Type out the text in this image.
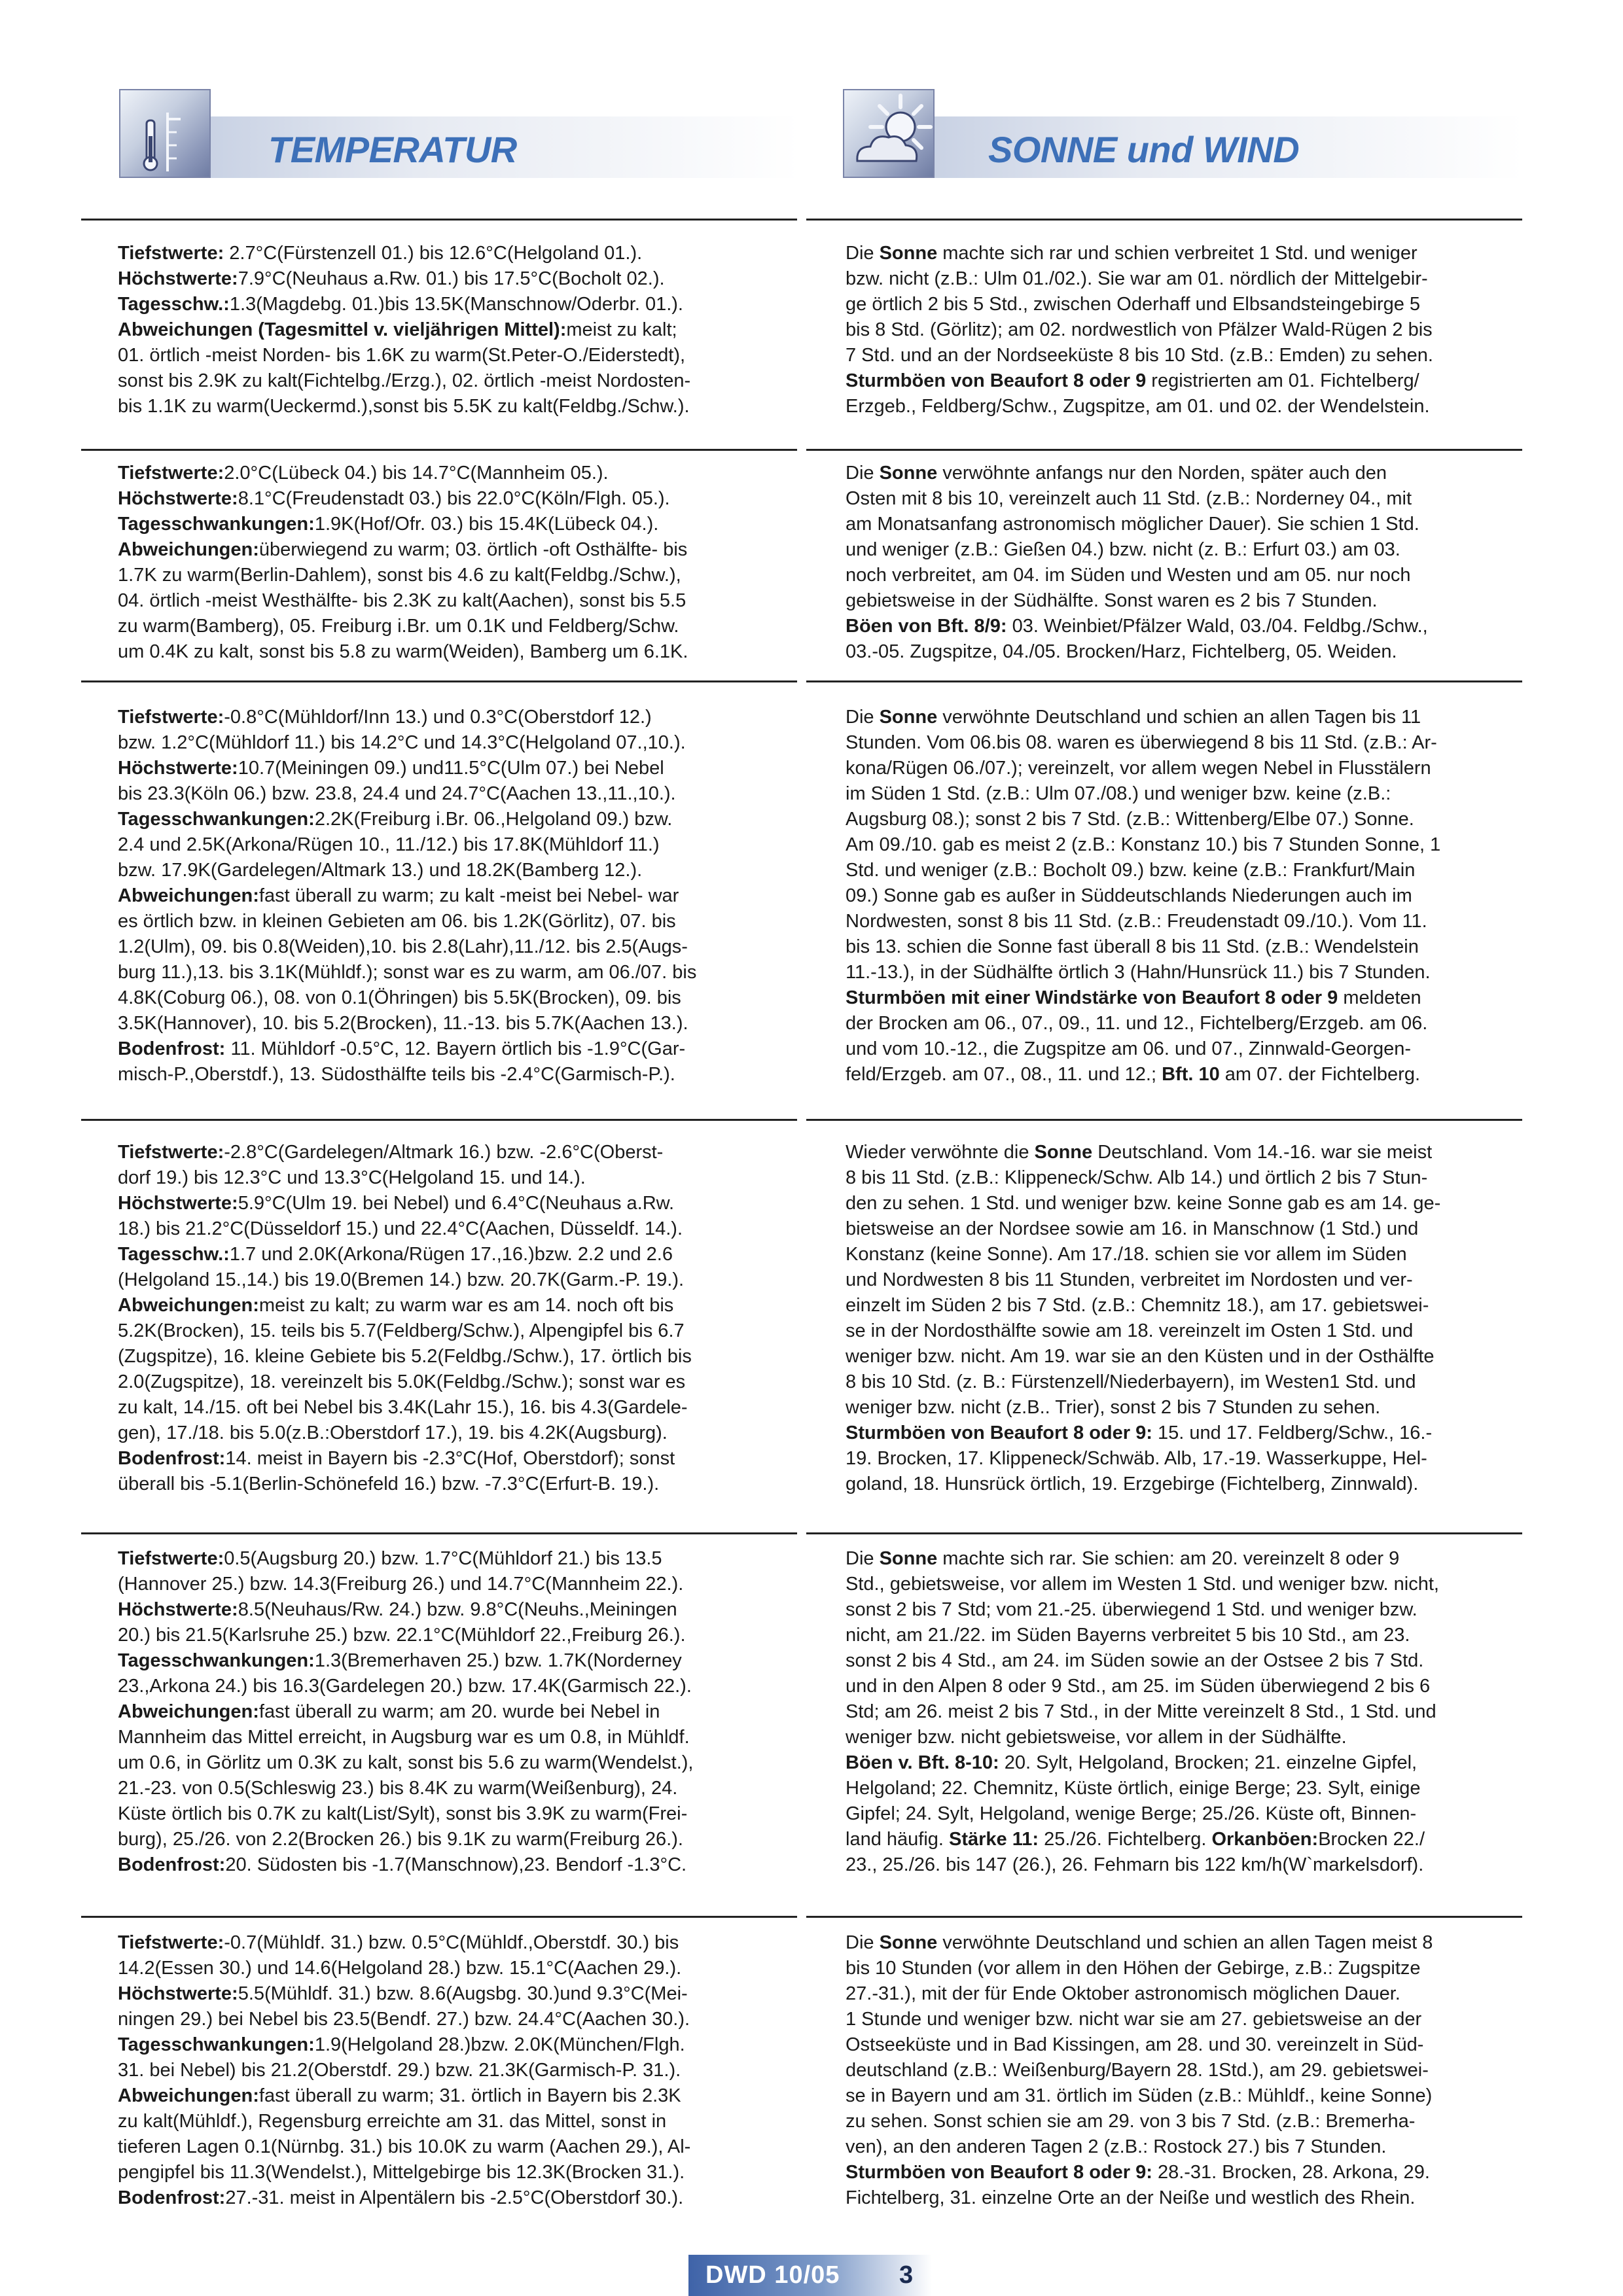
TEMPERATUR	SONNE und WIND
Tiefstwerte: 2.7°C(Fürstenzell 01.) bis 12.6°C(Helgoland 01.).
Höchstwerte:7.9°C(Neuhaus a.Rw. 01.) bis 17.5°C(Bocholt 02.).
Tagesschw.:1.3(Magdebg. 01.)bis 13.5K(Manschnow/Oderbr. 01.).
Abweichungen (Tagesmittel v. vieljährigen Mittel):meist zu kalt;
01. örtlich -meist Norden- bis 1.6K zu warm(St.Peter-O./Eiderstedt),
sonst bis 2.9K zu kalt(Fichtelbg./Erzg.), 02. örtlich -meist Nordosten-
bis 1.1K zu warm(Ueckermd.),sonst bis 5.5K zu kalt(Feldbg./Schw.).
Tiefstwerte:2.0°C(Lübeck 04.) bis 14.7°C(Mannheim 05.).
Höchstwerte:8.1°C(Freudenstadt 03.) bis 22.0°C(Köln/Flgh. 05.).
Tagesschwankungen:1.9K(Hof/Ofr. 03.) bis 15.4K(Lübeck 04.).
Abweichungen:überwiegend zu warm; 03. örtlich -oft Osthälfte- bis
1.7K zu warm(Berlin-Dahlem), sonst bis 4.6 zu kalt(Feldbg./Schw.),
04. örtlich -meist Westhälfte- bis 2.3K zu kalt(Aachen), sonst bis 5.5
zu warm(Bamberg), 05. Freiburg i.Br. um 0.1K und Feldberg/Schw.
um 0.4K zu kalt, sonst bis 5.8 zu warm(Weiden), Bamberg um 6.1K.
Tiefstwerte:-0.8°C(Mühldorf/Inn 13.) und 0.3°C(Oberstdorf 12.)
bzw. 1.2°C(Mühldorf 11.) bis 14.2°C und 14.3°C(Helgoland 07.,10.).
Höchstwerte:10.7(Meiningen 09.) und11.5°C(Ulm 07.) bei Nebel
bis 23.3(Köln 06.) bzw. 23.8, 24.4 und 24.7°C(Aachen 13.,11.,10.).
Tagesschwankungen:2.2K(Freiburg i.Br. 06.,Helgoland 09.) bzw.
2.4 und 2.5K(Arkona/Rügen 10., 11./12.) bis 17.8K(Mühldorf 11.)
bzw. 17.9K(Gardelegen/Altmark 13.) und 18.2K(Bamberg 12.).
Abweichungen:fast überall zu warm; zu kalt -meist bei Nebel- war
es örtlich bzw. in kleinen Gebieten am 06. bis 1.2K(Görlitz), 07. bis
1.2(Ulm), 09. bis 0.8(Weiden),10. bis 2.8(Lahr),11./12. bis 2.5(Augs-
burg 11.),13. bis 3.1K(Mühldf.); sonst war es zu warm, am 06./07. bis
4.8K(Coburg 06.), 08. von 0.1(Öhringen) bis 5.5K(Brocken), 09. bis
3.5K(Hannover), 10. bis 5.2(Brocken), 11.-13. bis 5.7K(Aachen 13.).
Bodenfrost: 11. Mühldorf -0.5°C, 12. Bayern örtlich bis -1.9°C(Gar-
misch-P.,Oberstdf.), 13. Südosthälfte teils bis -2.4°C(Garmisch-P.).
Tiefstwerte:-2.8°C(Gardelegen/Altmark 16.) bzw. -2.6°C(Oberst-
dorf 19.) bis 12.3°C und 13.3°C(Helgoland 15. und 14.).
Höchstwerte:5.9°C(Ulm 19. bei Nebel) und 6.4°C(Neuhaus a.Rw.
18.) bis 21.2°C(Düsseldorf 15.) und 22.4°C(Aachen, Düsseldf. 14.).
Tagesschw.:1.7 und 2.0K(Arkona/Rügen 17.,16.)bzw. 2.2 und 2.6
(Helgoland 15.,14.) bis 19.0(Bremen 14.) bzw. 20.7K(Garm.-P. 19.).
Abweichungen:meist zu kalt; zu warm war es am 14. noch oft bis
5.2K(Brocken), 15. teils bis 5.7(Feldberg/Schw.), Alpengipfel bis 6.7
(Zugspitze), 16. kleine Gebiete bis 5.2(Feldbg./Schw.), 17. örtlich bis
2.0(Zugspitze), 18. vereinzelt bis 5.0K(Feldbg./Schw.); sonst war es
zu kalt, 14./15. oft bei Nebel bis 3.4K(Lahr 15.), 16. bis 4.3(Gardele-
gen), 17./18. bis 5.0(z.B.:Oberstdorf 17.), 19. bis 4.2K(Augsburg).
Bodenfrost:14. meist in Bayern bis -2.3°C(Hof, Oberstdorf); sonst
überall bis -5.1(Berlin-Schönefeld 16.) bzw. -7.3°C(Erfurt-B. 19.).
Tiefstwerte:0.5(Augsburg 20.) bzw. 1.7°C(Mühldorf 21.) bis 13.5
(Hannover 25.) bzw. 14.3(Freiburg 26.) und 14.7°C(Mannheim 22.).
Höchstwerte:8.5(Neuhaus/Rw. 24.) bzw. 9.8°C(Neuhs.,Meiningen
20.) bis 21.5(Karlsruhe 25.) bzw. 22.1°C(Mühldorf 22.,Freiburg 26.).
Tagesschwankungen:1.3(Bremerhaven 25.) bzw. 1.7K(Norderney
23.,Arkona 24.) bis 16.3(Gardelegen 20.) bzw. 17.4K(Garmisch 22.).
Abweichungen:fast überall zu warm; am 20. wurde bei Nebel in
Mannheim das Mittel erreicht, in Augsburg war es um 0.8, in Mühldf.
um 0.6, in Görlitz um 0.3K zu kalt, sonst bis 5.6 zu warm(Wendelst.),
21.-23. von 0.5(Schleswig 23.) bis 8.4K zu warm(Weißenburg), 24.
Küste örtlich bis 0.7K zu kalt(List/Sylt), sonst bis 3.9K zu warm(Frei-
burg), 25./26. von 2.2(Brocken 26.) bis 9.1K zu warm(Freiburg 26.).
Bodenfrost:20. Südosten bis -1.7(Manschnow),23. Bendorf -1.3°C.
Tiefstwerte:-0.7(Mühldf. 31.) bzw. 0.5°C(Mühldf.,Oberstdf. 30.) bis
14.2(Essen 30.) und 14.6(Helgoland 28.) bzw. 15.1°C(Aachen 29.).
Höchstwerte:5.5(Mühldf. 31.) bzw. 8.6(Augsbg. 30.)und 9.3°C(Mei-
ningen 29.) bei Nebel bis 23.5(Bendf. 27.) bzw. 24.4°C(Aachen 30.).
Tagesschwankungen:1.9(Helgoland 28.)bzw. 2.0K(München/Flgh.
31. bei Nebel) bis 21.2(Oberstdf. 29.) bzw. 21.3K(Garmisch-P. 31.).
Abweichungen:fast überall zu warm; 31. örtlich in Bayern bis 2.3K
zu kalt(Mühldf.), Regensburg erreichte am 31. das Mittel, sonst in
tieferen Lagen 0.1(Nürnbg. 31.) bis 10.0K zu warm (Aachen 29.), Al-
pengipfel bis 11.3(Wendelst.), Mittelgebirge bis 12.3K(Brocken 31.).
Bodenfrost:27.-31. meist in Alpentälern bis -2.5°C(Oberstdorf 30.).
Die Sonne machte sich rar und schien verbreitet 1 Std. und weniger
bzw. nicht (z.B.: Ulm 01./02.). Sie war am 01. nördlich der Mittelgebir-
ge örtlich 2 bis 5 Std., zwischen Oderhaff und Elbsandsteingebirge 5
bis 8 Std. (Görlitz); am 02. nordwestlich von Pfälzer Wald-Rügen 2 bis
7 Std. und an der Nordseeküste 8 bis 10 Std. (z.B.: Emden) zu sehen.
Sturmböen von Beaufort 8 oder 9 registrierten am 01. Fichtelberg/
Erzgeb., Feldberg/Schw., Zugspitze, am 01. und 02. der Wendelstein.
Die Sonne verwöhnte anfangs nur den Norden, später auch den
Osten mit 8 bis 10, vereinzelt auch 11 Std. (z.B.: Norderney 04., mit
am Monatsanfang astronomisch möglicher Dauer). Sie schien 1 Std.
und weniger (z.B.: Gießen 04.) bzw. nicht (z. B.: Erfurt 03.) am 03.
noch verbreitet, am 04. im Süden und Westen und am 05. nur noch
gebietsweise in der Südhälfte. Sonst waren es 2 bis 7 Stunden.
Böen von Bft. 8/9: 03. Weinbiet/Pfälzer Wald, 03./04. Feldbg./Schw.,
03.-05. Zugspitze, 04./05. Brocken/Harz, Fichtelberg, 05. Weiden.
Die Sonne verwöhnte Deutschland und schien an allen Tagen bis 11
Stunden. Vom 06.bis 08. waren es überwiegend 8 bis 11 Std. (z.B.: Ar-
kona/Rügen 06./07.); vereinzelt, vor allem wegen Nebel in Flusstälern
im Süden 1 Std. (z.B.: Ulm 07./08.) und weniger bzw. keine (z.B.:
Augsburg 08.); sonst 2 bis 7 Std. (z.B.: Wittenberg/Elbe 07.) Sonne.
Am 09./10. gab es meist 2 (z.B.: Konstanz 10.) bis 7 Stunden Sonne, 1
Std. und weniger (z.B.: Bocholt 09.) bzw. keine (z.B.: Frankfurt/Main
09.) Sonne gab es außer in Süddeutschlands Niederungen auch im
Nordwesten, sonst 8 bis 11 Std. (z.B.: Freudenstadt 09./10.). Vom 11.
bis 13. schien die Sonne fast überall 8 bis 11 Std. (z.B.: Wendelstein
11.-13.), in der Südhälfte örtlich 3 (Hahn/Hunsrück 11.) bis 7 Stunden.
Sturmböen mit einer Windstärke von Beaufort 8 oder 9 meldeten
der Brocken am 06., 07., 09., 11. und 12., Fichtelberg/Erzgeb. am 06.
und vom 10.-12., die Zugspitze am 06. und 07., Zinnwald-Georgen-
feld/Erzgeb. am 07., 08., 11. und 12.; Bft. 10 am 07. der Fichtelberg.
Wieder verwöhnte die Sonne Deutschland. Vom 14.-16. war sie meist
8 bis 11 Std. (z.B.: Klippeneck/Schw. Alb 14.) und örtlich 2 bis 7 Stun-
den zu sehen. 1 Std. und weniger bzw. keine Sonne gab es am 14. ge-
bietsweise an der Nordsee sowie am 16. in Manschnow (1 Std.) und
Konstanz (keine Sonne). Am 17./18. schien sie vor allem im Süden
und Nordwesten 8 bis 11 Stunden, verbreitet im Nordosten und ver-
einzelt im Süden 2 bis 7 Std. (z.B.: Chemnitz 18.), am 17. gebietswei-
se in der Nordosthälfte sowie am 18. vereinzelt im Osten 1 Std. und
weniger bzw. nicht. Am 19. war sie an den Küsten und in der Osthälfte
8 bis 10 Std. (z. B.: Fürstenzell/Niederbayern), im Westen1 Std. und
weniger bzw. nicht (z.B.. Trier), sonst 2 bis 7 Stunden zu sehen.
Sturmböen von Beaufort 8 oder 9: 15. und 17. Feldberg/Schw., 16.-
19. Brocken, 17. Klippeneck/Schwäb. Alb, 17.-19. Wasserkuppe, Hel-
goland, 18. Hunsrück örtlich, 19. Erzgebirge (Fichtelberg, Zinnwald).
Die Sonne machte sich rar. Sie schien: am 20. vereinzelt 8 oder 9
Std., gebietsweise, vor allem im Westen 1 Std. und weniger bzw. nicht,
sonst 2 bis 7 Std; vom 21.-25. überwiegend 1 Std. und weniger bzw.
nicht, am 21./22. im Süden Bayerns verbreitet 5 bis 10 Std., am 23.
sonst 2 bis 4 Std., am 24. im Süden sowie an der Ostsee 2 bis 7 Std.
und in den Alpen 8 oder 9 Std., am 25. im Süden überwiegend 2 bis 6
Std; am 26. meist 2 bis 7 Std., in der Mitte vereinzelt 8 Std., 1 Std. und
weniger bzw. nicht gebietsweise, vor allem in der Südhälfte.
Böen v. Bft. 8-10: 20. Sylt, Helgoland, Brocken; 21. einzelne Gipfel,
Helgoland; 22. Chemnitz, Küste örtlich, einige Berge; 23. Sylt, einige
Gipfel; 24. Sylt, Helgoland, wenige Berge; 25./26. Küste oft, Binnen-
land häufig. Stärke 11: 25./26. Fichtelberg. Orkanböen:Brocken 22./
23., 25./26. bis 147 (26.), 26. Fehmarn bis 122 km/h(W`markelsdorf).
Die Sonne verwöhnte Deutschland und schien an allen Tagen meist 8
bis 10 Stunden (vor allem in den Höhen der Gebirge, z.B.: Zugspitze
27.-31.), mit der für Ende Oktober astronomisch möglichen Dauer.
1 Stunde und weniger bzw. nicht war sie am 27. gebietsweise an der
Ostseeküste und in Bad Kissingen, am 28. und 30. vereinzelt in Süd-
deutschland (z.B.: Weißenburg/Bayern 28. 1Std.), am 29. gebietswei-
se in Bayern und am 31. örtlich im Süden (z.B.: Mühldf., keine Sonne)
zu sehen. Sonst schien sie am 29. von 3 bis 7 Std. (z.B.: Bremerha-
ven), an den anderen Tagen 2 (z.B.: Rostock 27.) bis 7 Stunden.
Sturmböen von Beaufort 8 oder 9: 28.-31. Brocken, 28. Arkona, 29.
Fichtelberg, 31. einzelne Orte an der Neiße und westlich des Rhein.
DWD 10/05 3
